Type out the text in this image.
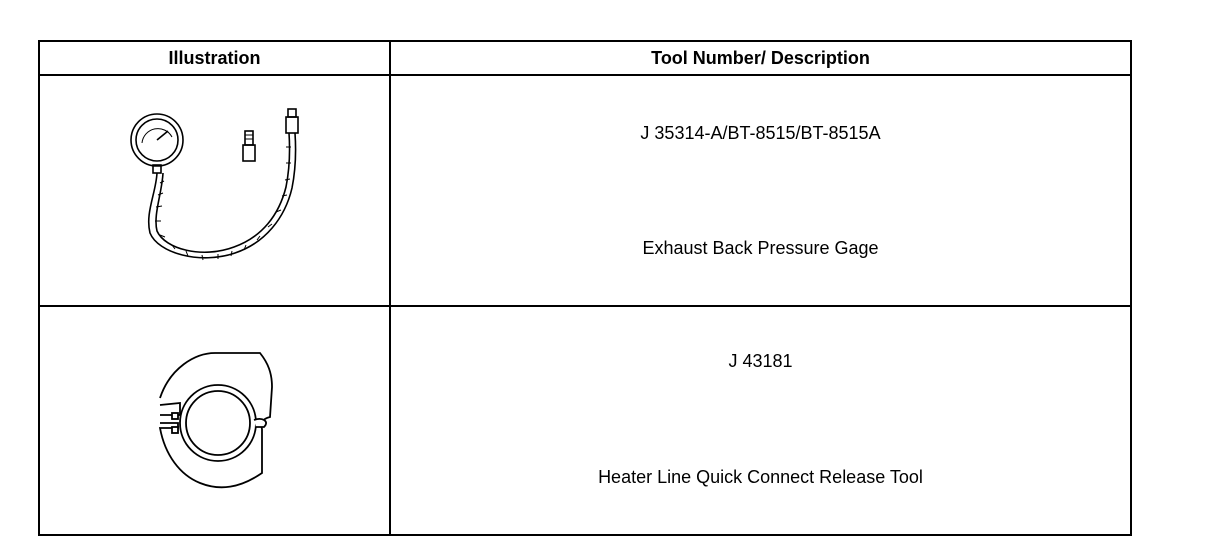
Illustration	Tool Number/ Description

J 35314-A/BT-8515/BT-8515A
Exhaust Back Pressure Gage

J 43181
Heater Line Quick Connect Release Tool
